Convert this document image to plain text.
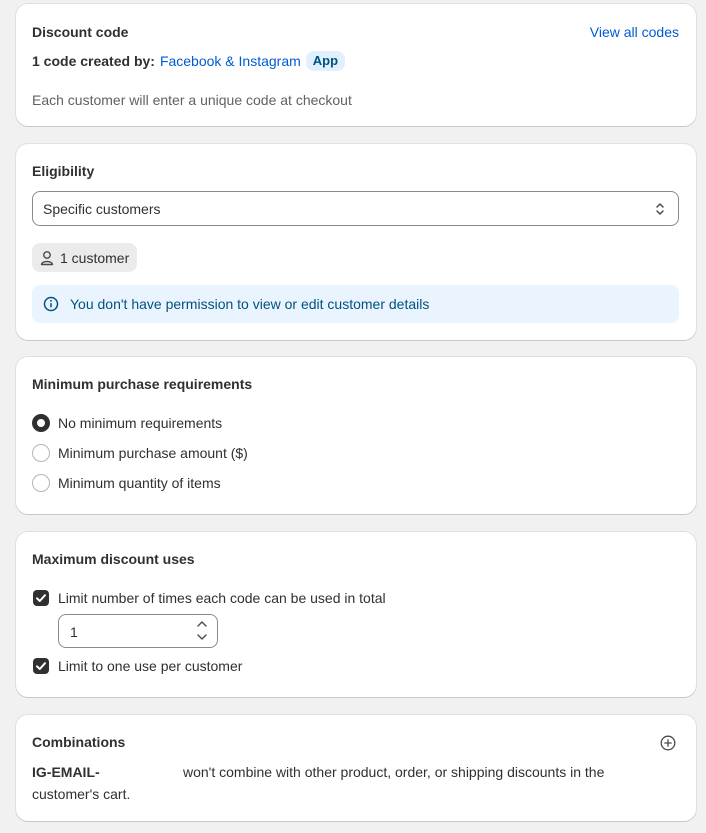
Discount code	View all codes
1 code created by: Facebook & Instagram App
Each customer will enter a unique code at checkout
Eligibility
Specific customers
1 customer
You don't have permission to view or edit customer details
Minimum purchase requirements
No minimum requirements
Minimum purchase amount ($)
Minimum quantity of items
Maximum discount uses
Limit number of times each code can be used in total
1
Limit to one use per customer
Combinations
IG-EMAIL-	won't combine with other product, order, or shipping discounts in the
customer's cart.
